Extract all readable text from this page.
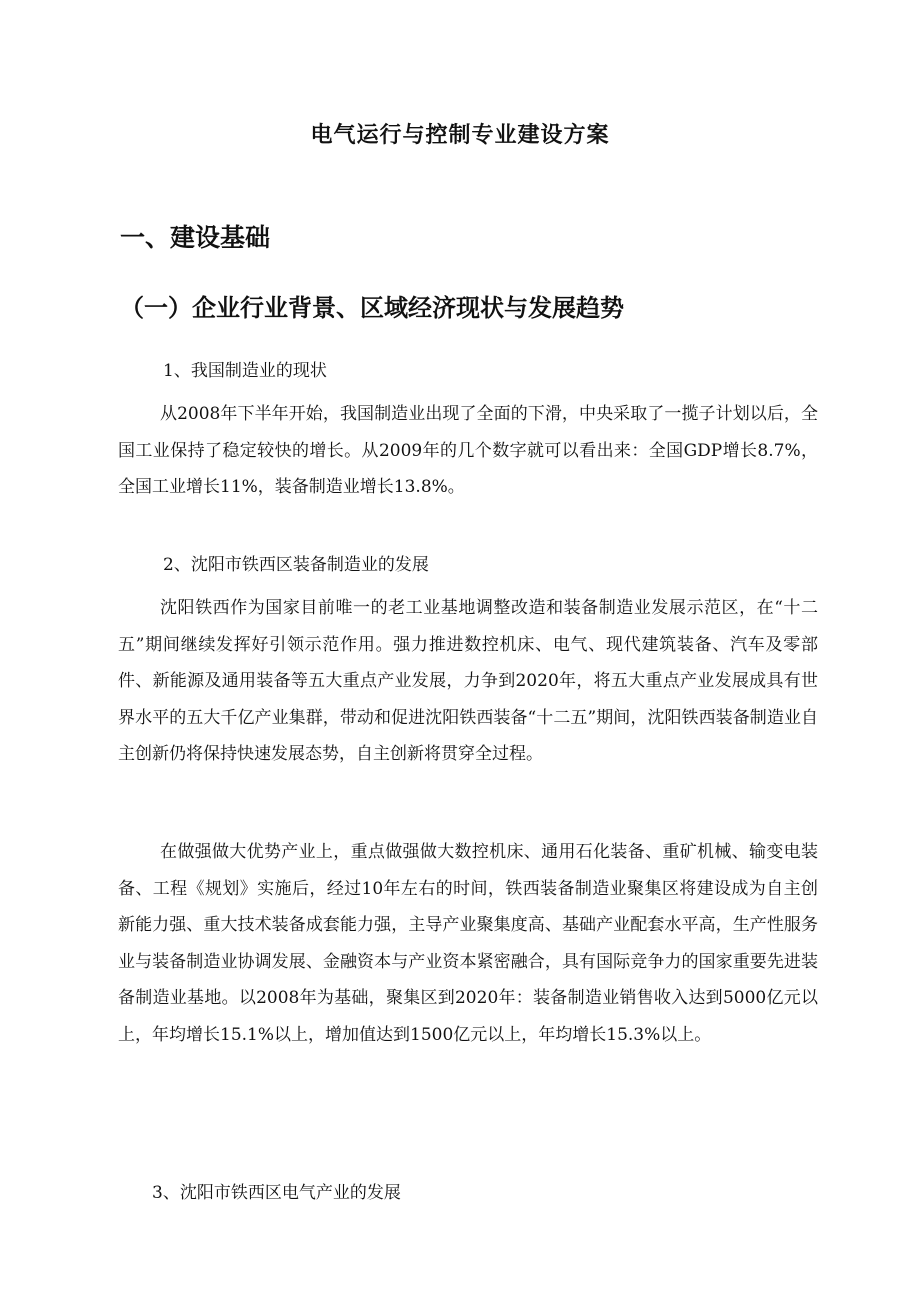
电气运行与控制专业建设方案
一、建设基础
（一）企业行业背景、区域经济现状与发展趋势
1、我国制造业的现状

从2008年下半年开始，我国制造业出现了全面的下滑，中央采取了一揽子计划以后，全国工业保持了稳定较快的增长。从2009年的几个数字就可以看出来：全国GDP增长8.7%，全国工业增长11%，装备制造业增长13.8%。

2、沈阳市铁西区装备制造业的发展

沈阳铁西作为国家目前唯一的老工业基地调整改造和装备制造业发展示范区，在“十二五”期间继续发挥好引领示范作用。强力推进数控机床、电气、现代建筑装备、汽车及零部件、新能源及通用装备等五大重点产业发展，力争到2020年，将五大重点产业发展成具有世界水平的五大千亿产业集群，带动和促进沈阳铁西装备“十二五”期间，沈阳铁西装备制造业自主创新仍将保持快速发展态势，自主创新将贯穿全过程。

在做强做大优势产业上，重点做强做大数控机床、通用石化装备、重矿机械、输变电装备、工程《规划》实施后，经过10年左右的时间，铁西装备制造业聚集区将建设成为自主创新能力强、重大技术装备成套能力强，主导产业聚集度高、基础产业配套水平高，生产性服务业与装备制造业协调发展、金融资本与产业资本紧密融合，具有国际竞争力的国家重要先进装备制造业基地。以2008年为基础，聚集区到2020年：装备制造业销售收入达到5000亿元以上，年均增长15.1%以上，增加值达到1500亿元以上，年均增长15.3%以上。

3、沈阳市铁西区电气产业的发展
